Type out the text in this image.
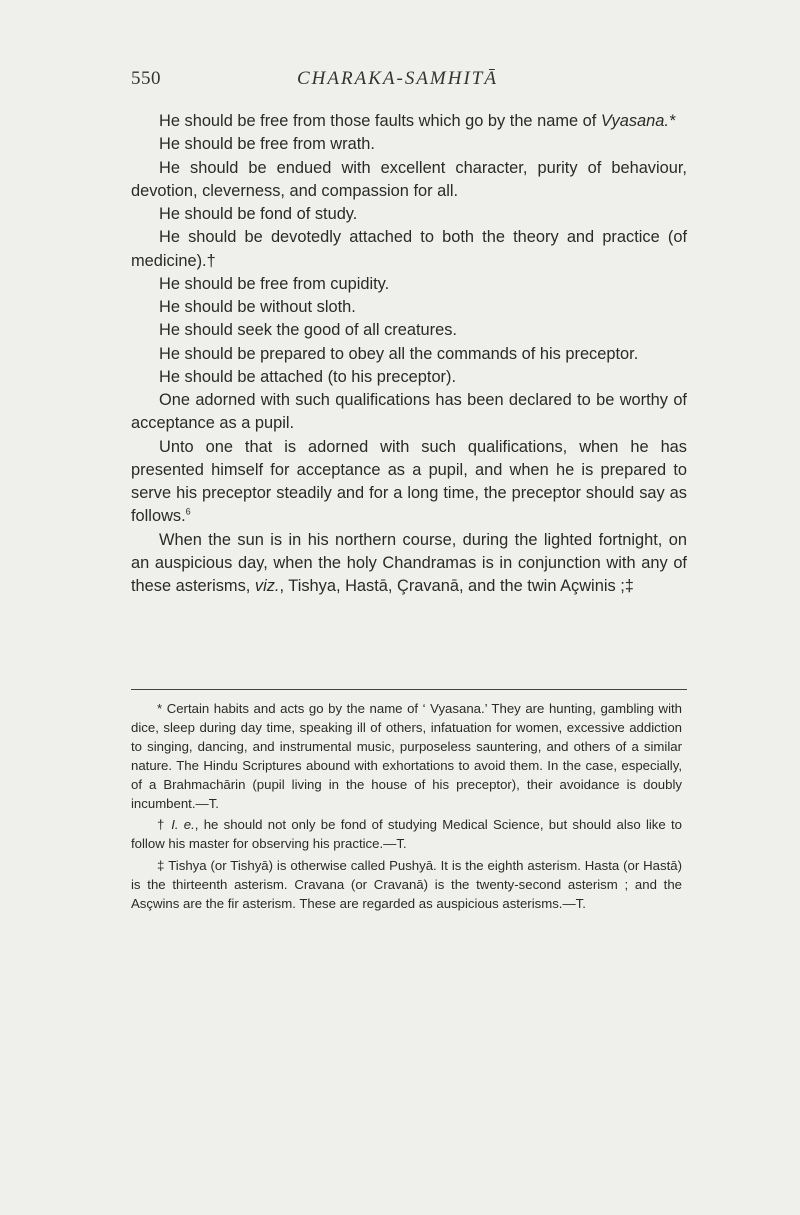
550	CHARAKA-SAMHITĀ

He should be free from those faults which go by the name of Vyasana.*

He should be free from wrath.

He should be endued with excellent character, purity of behaviour, devotion, cleverness, and compassion for all.

He should be fond of study.

He should be devotedly attached to both the theory and practice (of medicine).†

He should be free from cupidity.

He should be without sloth.

He should seek the good of all creatures.

He should be prepared to obey all the commands of his preceptor.

He should be attached (to his preceptor).

One adorned with such qualifications has been declared to be worthy of acceptance as a pupil.

Unto one that is adorned with such qualifications, when he has presented himself for acceptance as a pupil, and when he is prepared to serve his preceptor steadily and for a long time, the preceptor should say as follows.$^6$

When the sun is in his northern course, during the lighted fortnight, on an auspicious day, when the holy Chandramas is in conjunction with any of these asterisms, viz., Tishya, Hastā, Çravanā, and the twin Açwinis ;‡

* Certain habits and acts go by the name of ‘ Vyasana.’ They are hunting, gambling with dice, sleep during day time, speaking ill of others, infatuation for women, excessive addiction to singing, dancing, and instrumental music, purposeless sauntering, and others of a similar nature. The Hindu Scriptures abound with exhortations to avoid them. In the case, especially, of a Brahmachārin (pupil living in the house of his preceptor), their avoidance is doubly incumbent.—T.

† I. e., he should not only be fond of studying Medical Science, but should also like to follow his master for observing his practice.—T.

‡ Tishya (or Tishyā) is otherwise called Pushyā. It is the eighth asterism. Hasta (or Hastā) is the thirteenth asterism. Cravana (or Cravanā) is the twenty-second asterism ; and the Asçwins are the fir asterism. These are regarded as auspicious asterisms.—T.
